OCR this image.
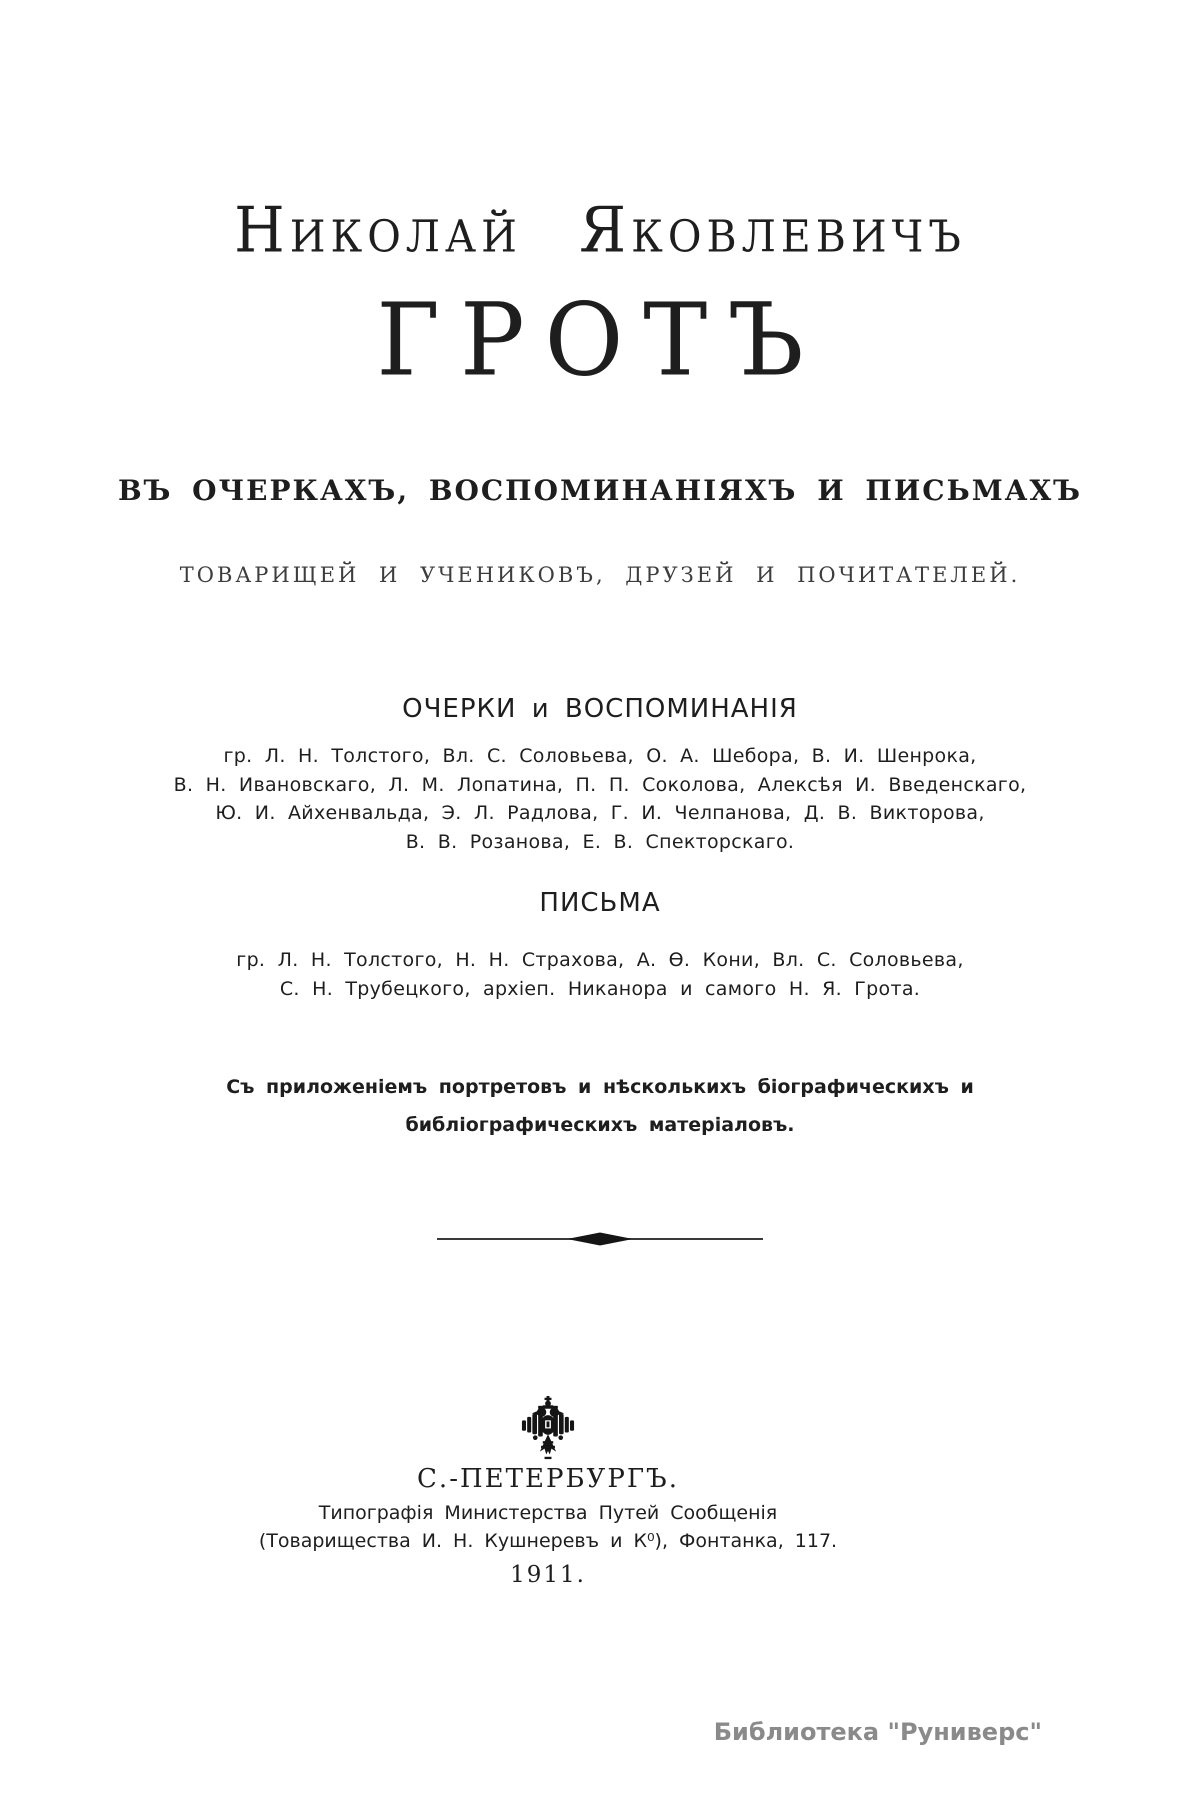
Николай Яковлевичъ
ГРОТЪ
ВЪ ОЧЕРКАХЪ, ВОСПОМИНАНІЯХЪ И ПИСЬМАХЪ
ТОВАРИЩЕЙ И УЧЕНИКОВЪ, ДРУЗЕЙ И ПОЧИТАТЕЛЕЙ.
ОЧЕРКИ и ВОСПОМИНАНІЯ
гр. Л. Н. Толстого, Вл. С. Соловьева, О. А. Шебора, В. И. Шенрока,
В. Н. Ивановскаго, Л. М. Лопатина, П. П. Соколова, Алексѣя И. Введенскаго,
Ю. И. Айхенвальда, Э. Л. Радлова, Г. И. Челпанова, Д. В. Викторова,
В. В. Розанова, Е. В. Спекторскаго.
ПИСЬМА
гр. Л. Н. Толстого, Н. Н. Страхова, А. Ѳ. Кони, Вл. С. Соловьева,
С. Н. Трубецкого, архіеп. Никанора и самого Н. Я. Грота.
Съ приложеніемъ портретовъ и нѣсколькихъ біографическихъ и
библіографическихъ матеріаловъ.
С.-ПЕТЕРБУРГЪ.
Типографія Министерства Путей Сообщенія
(Товарищества И. Н. Кушнеревъ и К⁰), Фонтанка, 117.
1911.
Библиотека "Руниверс"
